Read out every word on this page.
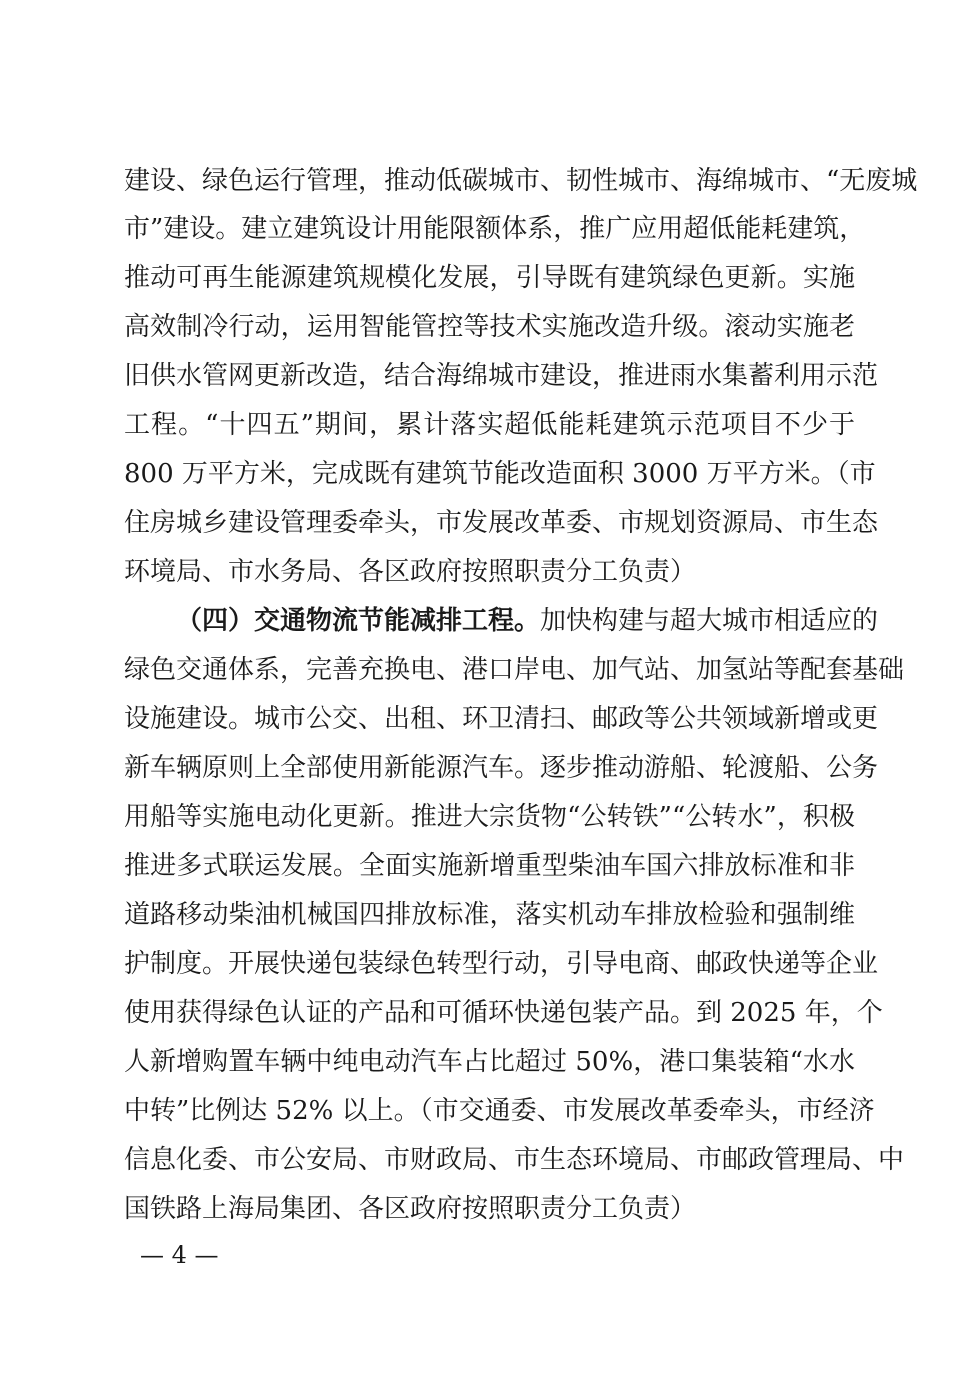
建设、绿色运行管理，推动低碳城市、韧性城市、海绵城市、“无废城
市”建设。建立建筑设计用能限额体系，推广应用超低能耗建筑，
推动可再生能源建筑规模化发展，引导既有建筑绿色更新。实施
高效制冷行动，运用智能管控等技术实施改造升级。滚动实施老
旧供水管网更新改造，结合海绵城市建设，推进雨水集蓄利用示范
工程。“十四五”期间，累计落实超低能耗建筑示范项目不少于
800 万平方米，完成既有建筑节能改造面积 3000 万平方米。（市
住房城乡建设管理委牵头，市发展改革委、市规划资源局、市生态
环境局、市水务局、各区政府按照职责分工负责）
（四）交通物流节能减排工程。加快构建与超大城市相适应的
绿色交通体系，完善充换电、港口岸电、加气站、加氢站等配套基础
设施建设。城市公交、出租、环卫清扫、邮政等公共领域新增或更
新车辆原则上全部使用新能源汽车。逐步推动游船、轮渡船、公务
用船等实施电动化更新。推进大宗货物“公转铁”“公转水”，积极
推进多式联运发展。全面实施新增重型柴油车国六排放标准和非
道路移动柴油机械国四排放标准，落实机动车排放检验和强制维
护制度。开展快递包装绿色转型行动，引导电商、邮政快递等企业
使用获得绿色认证的产品和可循环快递包装产品。到 2025 年，个
人新增购置车辆中纯电动汽车占比超过 50%，港口集装箱“水水
中转”比例达 52% 以上。（市交通委、市发展改革委牵头，市经济
信息化委、市公安局、市财政局、市生态环境局、市邮政管理局、中
国铁路上海局集团、各区政府按照职责分工负责）
— 4 —
